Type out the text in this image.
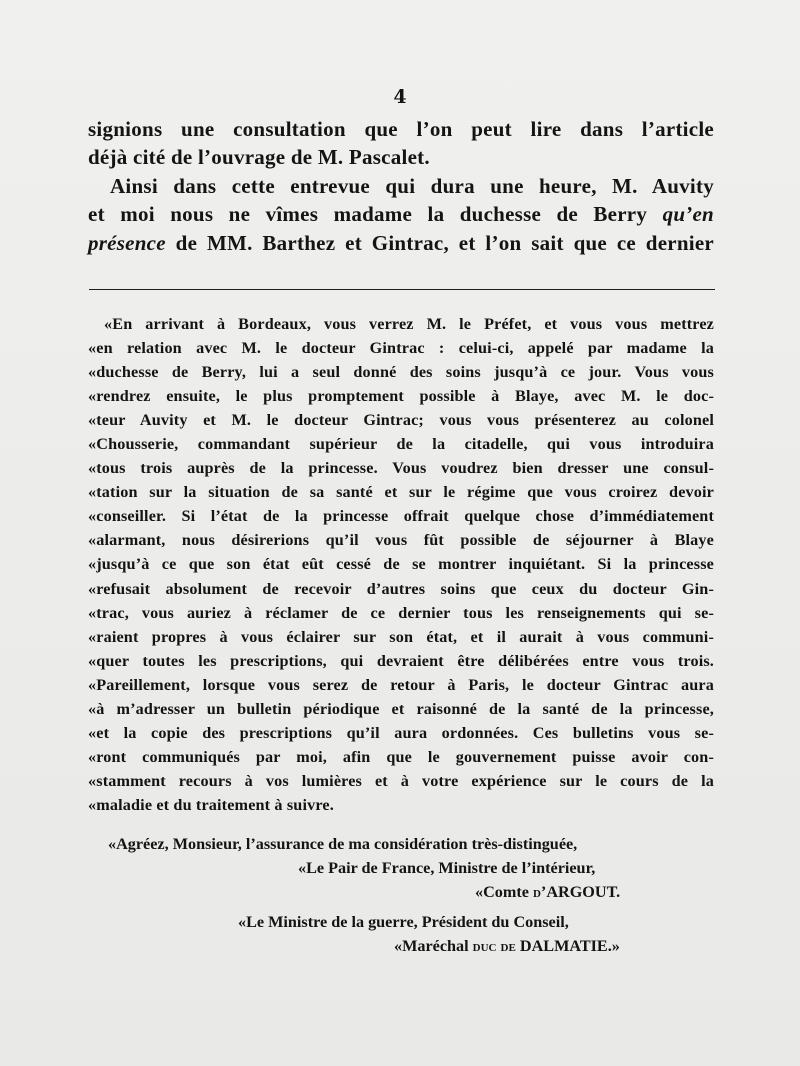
4
signions une consultation que l’on peut lire dans l’article
déjà cité de l’ouvrage de M. Pascalet.
Ainsi dans cette entrevue qui dura une heure, M. Auvity
et moi nous ne vîmes madame la duchesse de Berry qu’en
présence de MM. Barthez et Gintrac, et l’on sait que ce dernier
«En arrivant à Bordeaux, vous verrez M. le Préfet, et vous vous mettrez
«en relation avec M. le docteur Gintrac : celui-ci, appelé par madame la
«duchesse de Berry, lui a seul donné des soins jusqu’à ce jour. Vous vous
«rendrez ensuite, le plus promptement possible à Blaye, avec M. le doc-
«teur Auvity et M. le docteur Gintrac; vous vous présenterez au colonel
«Chousserie, commandant supérieur de la citadelle, qui vous introduira
«tous trois auprès de la princesse. Vous voudrez bien dresser une consul-
«tation sur la situation de sa santé et sur le régime que vous croirez devoir
«conseiller. Si l’état de la princesse offrait quelque chose d’immédiatement
«alarmant, nous désirerions qu’il vous fût possible de séjourner à Blaye
«jusqu’à ce que son état eût cessé de se montrer inquiétant. Si la princesse
«refusait absolument de recevoir d’autres soins que ceux du docteur Gin-
«trac, vous auriez à réclamer de ce dernier tous les renseignements qui se-
«raient propres à vous éclairer sur son état, et il aurait à vous communi-
«quer toutes les prescriptions, qui devraient être délibérées entre vous trois.
«Pareillement, lorsque vous serez de retour à Paris, le docteur Gintrac aura
«à m’adresser un bulletin périodique et raisonné de la santé de la princesse,
«et la copie des prescriptions qu’il aura ordonnées. Ces bulletins vous se-
«ront communiqués par moi, afin que le gouvernement puisse avoir con-
«stamment recours à vos lumières et à votre expérience sur le cours de la
«maladie et du traitement à suivre.
«Agréez, Monsieur, l’assurance de ma considération très-distinguée,
«Le Pair de France, Ministre de l’intérieur,
«Comte d’ARGOUT.
«Le Ministre de la guerre, Président du Conseil,
«Maréchal duc de DALMATIE.»
